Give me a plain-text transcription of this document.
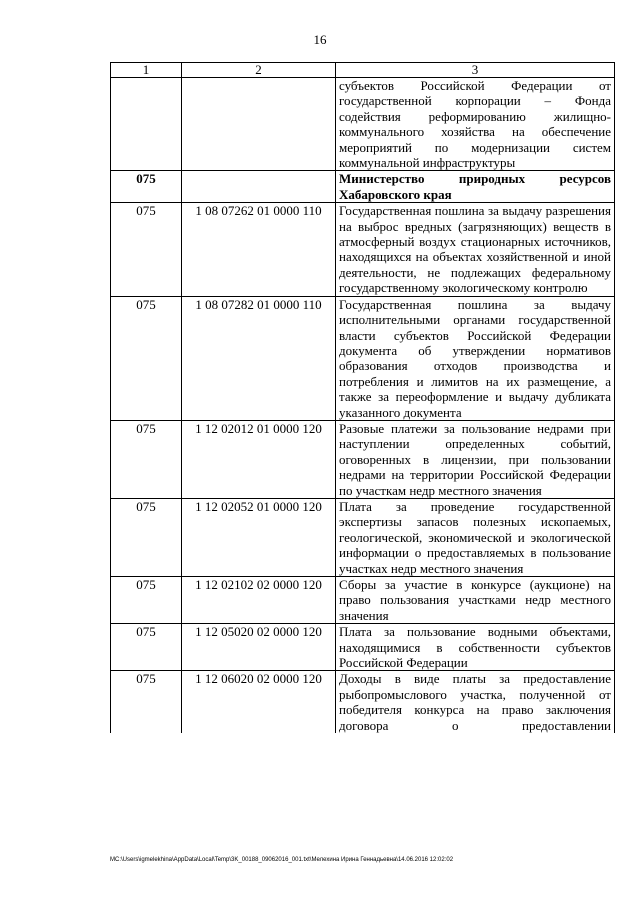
16
1	2	3
		субъектов Российской Федерации от государственной корпорации – Фонда содействия реформированию жилищно-коммунального хозяйства на обеспечение мероприятий по модернизации систем коммунальной инфраструктуры
075		Министерство природных ресурсов Хабаровского края
075	1 08 07262 01 0000 110	Государственная пошлина за выдачу разрешения на выброс вредных (загрязняющих) веществ в атмосферный воздух стационарных источников, находящихся на объектах хозяйственной и иной деятельности, не подлежащих федеральному государственному экологическому контролю
075	1 08 07282 01 0000 110	Государственная пошлина за выдачу исполнительными органами государственной власти субъектов Российской Федерации документа об утверждении нормативов образования отходов производства и потребления и лимитов на их размещение, а также за переоформление и выдачу дубликата указанного документа
075	1 12 02012 01 0000 120	Разовые платежи за пользование недрами при наступлении определенных событий, оговоренных в лицензии, при пользовании недрами на территории Российской Федерации по участкам недр местного значения
075	1 12 02052 01 0000 120	Плата за проведение государственной экспертизы запасов полезных ископаемых, геологической, экономической и экологической информации о предоставляемых в пользование участках недр местного значения
075	1 12 02102 02 0000 120	Сборы за участие в конкурсе (аукционе) на право пользования участками недр местного значения
075	1 12 05020 02 0000 120	Плата за пользование водными объектами, находящимися в собственности субъектов Российской Федерации
075	1 12 06020 02 0000 120	Доходы в виде платы за предоставление рыбопромыслового участка, полученной от победителя конкурса на право заключения договора о предоставлении
МС:\Users\igmelekhina\AppData\Local\Temp\3K_00188_09062016_001.txt\Мелехина Ирина Геннадьевна\14.06.2016 12:02:02
